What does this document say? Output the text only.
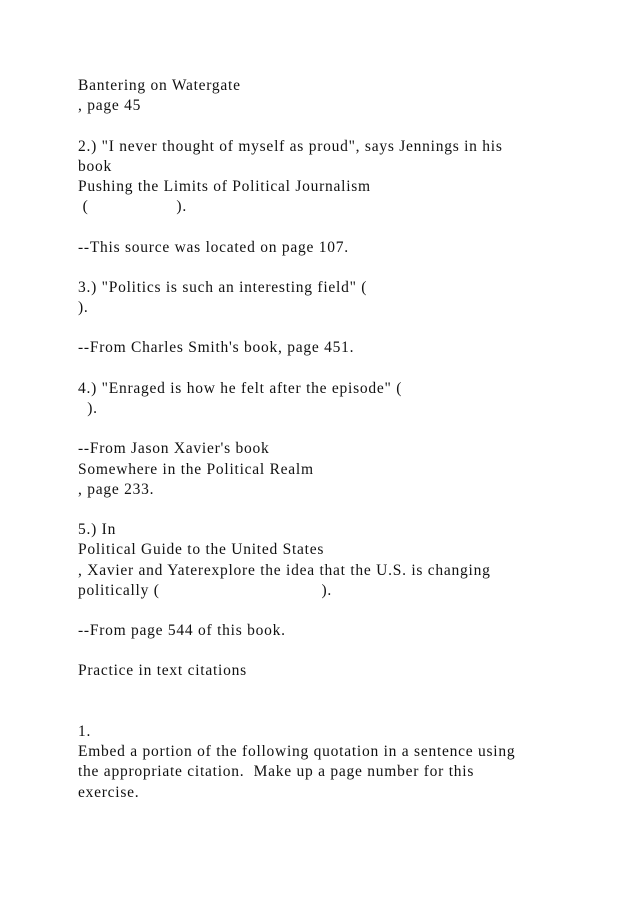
Bantering on Watergate
, page 45
2.) "I never thought of myself as proud", says Jennings in his
book
Pushing the Limits of Political Journalism
(                   ).
--This source was located on page 107.
3.) "Politics is such an interesting field" (
).
--From Charles Smith's book, page 451.
4.) "Enraged is how he felt after the episode" (
).
--From Jason Xavier's book
Somewhere in the Political Realm
, page 233.
5.) In
Political Guide to the United States
, Xavier and Yaterexplore the idea that the U.S. is changing
politically (                                   ).
--From page 544 of this book.
Practice in text citations
1.
Embed a portion of the following quotation in a sentence using
the appropriate citation.  Make up a page number for this
exercise.
